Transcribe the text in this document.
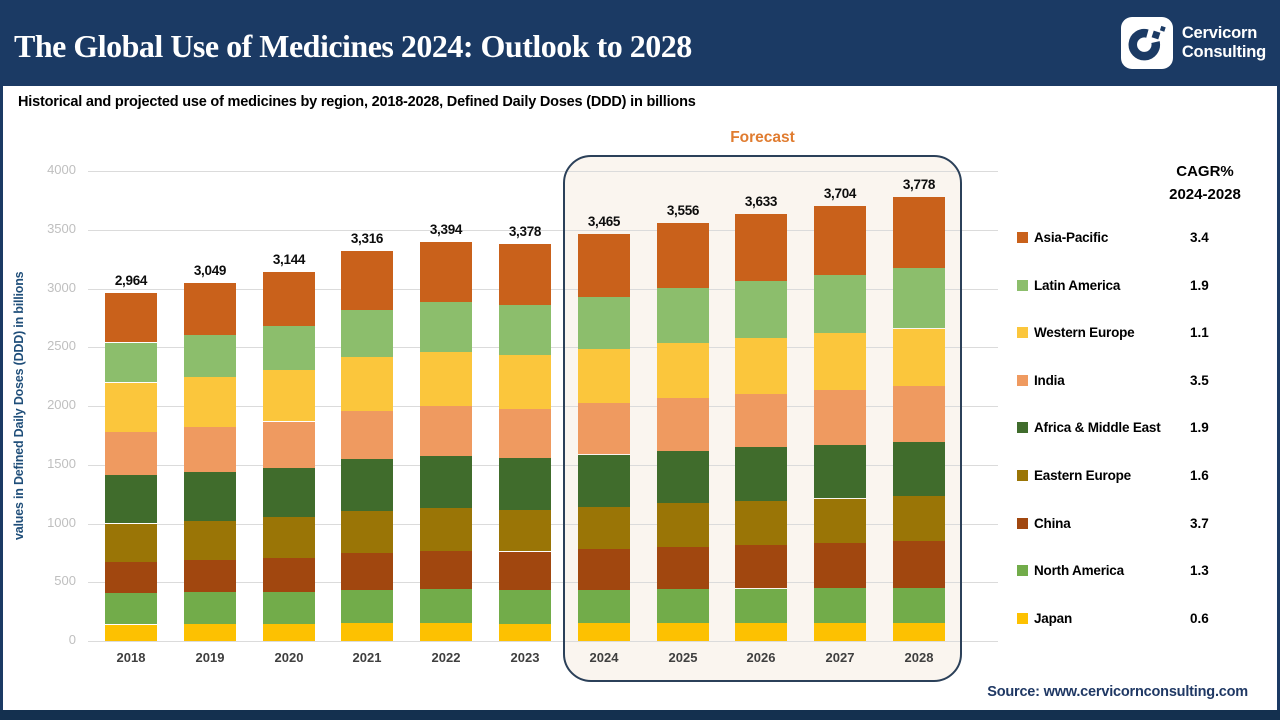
The Global Use of Medicines 2024: Outlook to 2028	Cervicorn
Consulting

Historical and projected use of medicines by region, 2018-2028, Defined Daily Doses (DDD) in billions

values in Defined Daily Doses (DDD) in billions
Forecast
0
500
1000
1500
2000
2500
3000
3500
4000
2,964
2018
3,049
2019
3,144
2020
3,316
2021
3,394
2022
3,378
2023
3,465
2024
3,556
2025
3,633
2026
3,704
2027
3,778
2028
CAGR%
2024-2028
Asia-Pacific	3.4
Latin America	1.9
Western Europe	1.1
India	3.5
Africa & Middle East 1.9
Eastern Europe	1.6
China	3.7
North America	1.3
Japan	0.6
Source: www.cervicornconsulting.com
